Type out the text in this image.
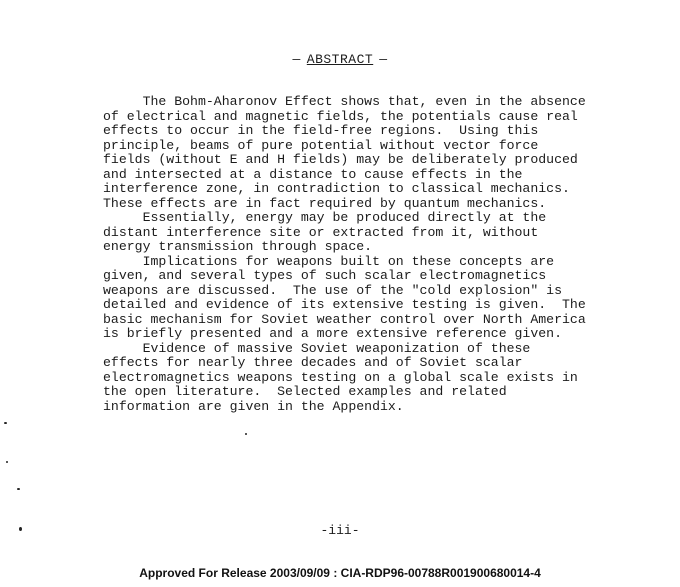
— ABSTRACT —
The Bohm-Aharonov Effect shows that, even in the absence
of electrical and magnetic fields, the potentials cause real
effects to occur in the field-free regions.  Using this
principle, beams of pure potential without vector force
fields (without E and H fields) may be deliberately produced
and intersected at a distance to cause effects in the
interference zone, in contradiction to classical mechanics.
These effects are in fact required by quantum mechanics.
Essentially, energy may be produced directly at the
distant interference site or extracted from it, without
energy transmission through space.
Implications for weapons built on these concepts are
given, and several types of such scalar electromagnetics
weapons are discussed.  The use of the "cold explosion" is
detailed and evidence of its extensive testing is given.  The
basic mechanism for Soviet weather control over North America
is briefly presented and a more extensive reference given.
Evidence of massive Soviet weaponization of these
effects for nearly three decades and of Soviet scalar
electromagnetics weapons testing on a global scale exists in
the open literature.  Selected examples and related
information are given in the Appendix.
-iii-
Approved For Release 2003/09/09 : CIA-RDP96-00788R001900680014-4
